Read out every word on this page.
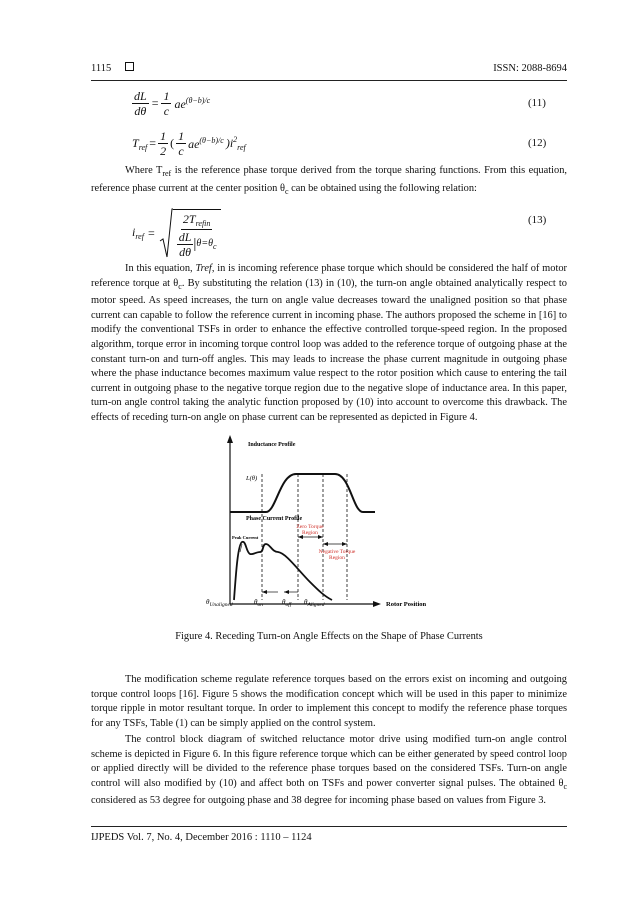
1115	ISSN: 2088-8694
$\frac{dL}{d\theta} = \frac{1}{c} ae^{(\theta-b)/c}$	(11)
$T_{ref} = \frac{1}{2}$ ( $\frac{1}{c} ae^{(\theta-b)/c}$ )$i^2_{ref}$	(12)

Where $T_{ref}$ is the reference phase torque derived from the torque sharing functions. From this equation, reference phase current at the center position $\theta_c$ can be obtained using the following relation:

$i_{ref}$ =
$2T_{refin}$
$\frac{dL}{d\theta}$ | $\theta=\theta_c$
(13)

In this equation, Tref, in is incoming reference phase torque which should be considered the half of motor reference torque at $\theta_c$. By substituting the relation (13) in (10), the turn-on angle obtained analytically respect to motor speed. As speed increases, the turn on angle value decreases toward the unaligned position so that phase current can capable to follow the reference current in incoming phase. The authors proposed the scheme in [16] to modify the conventional TSFs in order to enhance the effective controlled torque-speed region. In the proposed algorithm, torque error in incoming torque control loop was added to the reference torque of outgoing phase at the constant turn-on and turn-off angles. This may leads to increase the phase current magnitude in outgoing phase where the phase inductance becomes maximum value respect to the rotor position which cause to entering the tail current in outgoing phase to the negative torque region due to the negative slope of inductance area. In this paper, turn-on angle control taking the analytic function proposed by (10) into account to overcome this drawback. The effects of receding turn-on angle on phase current can be represented as depicted in Figure 4.

Inductance Profile
L(θ)
Phase Current Profile
Zero Torque
Region
Negative Torque
Region
Peak Current
$\theta_{Unaligned}$	$\theta_{on}$	$\theta_{off}$ $\theta_{Aligned}$	Rotor Position
Figure 4. Receding Turn-on Angle Effects on the Shape of Phase Currents

The modification scheme regulate reference torques based on the errors exist on incoming and outgoing torque control loops [16]. Figure 5 shows the modification concept which will be used in this paper to minimize torque ripple in motor resultant torque. In order to implement this concept to modify the reference phase torques for any TSFs, Table (1) can be simply applied on the control system.

The control block diagram of switched reluctance motor drive using modified turn-on angle control scheme is depicted in Figure 6. In this figure reference torque which can be either generated by speed control loop or applied directly will be divided to the reference phase torques based on the considered TSFs. Turn-on angle control will also modified by (10) and affect both on TSFs and power converter signal pulses. The obtained $\theta_c$ considered as 53 degree for outgoing phase and 38 degree for incoming phase based on values from Figure 3.

IJPEDS Vol. 7, No. 4, December 2016 : 1110 – 1124
